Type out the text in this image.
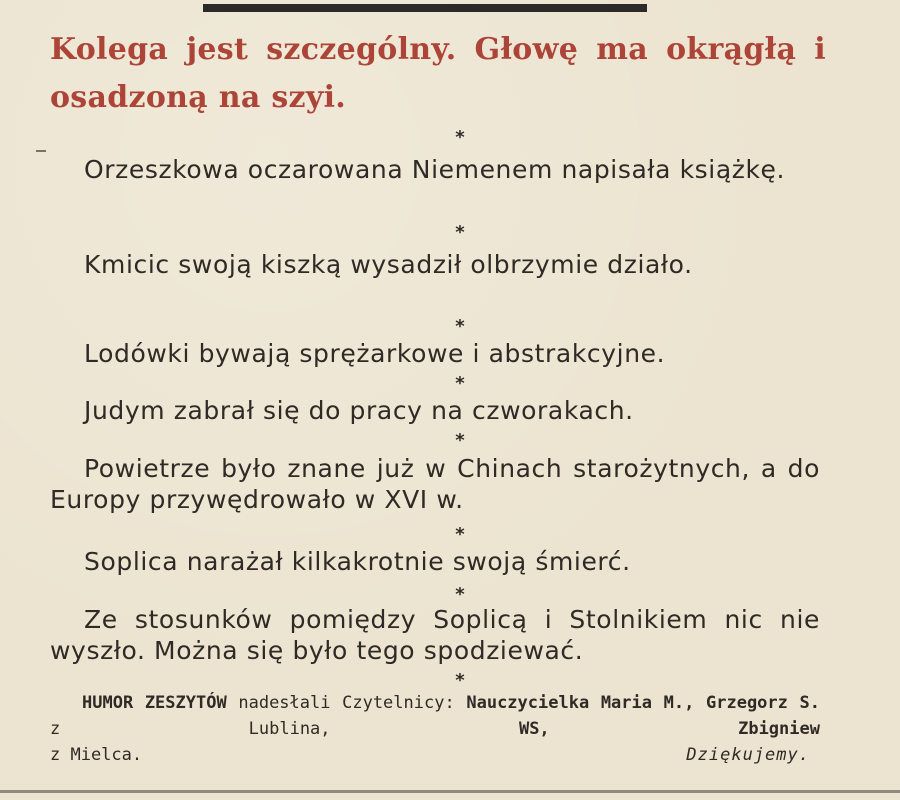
Kolega jest szczególny. Głowę ma okrągłą i osadzoną na szyi.

*

Orzeszkowa oczarowana Niemenem napisała książkę.

*

Kmicic swoją kiszką wysadził olbrzymie działo.

*

Lodówki bywają sprężarkowe i abstrakcyjne.

*

Judym zabrał się do pracy na czworakach.

*

Powietrze było znane już w Chinach starożytnych, a do Europy przywędrowało w XVI w.

*

Soplica narażał kilkakrotnie swoją śmierć.

*

Ze stosunków pomiędzy Soplicą i Stolnikiem nic nie wyszło. Można się było tego spodziewać.

*
HUMOR ZESZYTÓW nadesłali Czytelnicy: Nauczycielka Maria M., Grzegorz S. z Lublina,	WS,	Zbigniew
z Mielca.	Dziękujemy.
